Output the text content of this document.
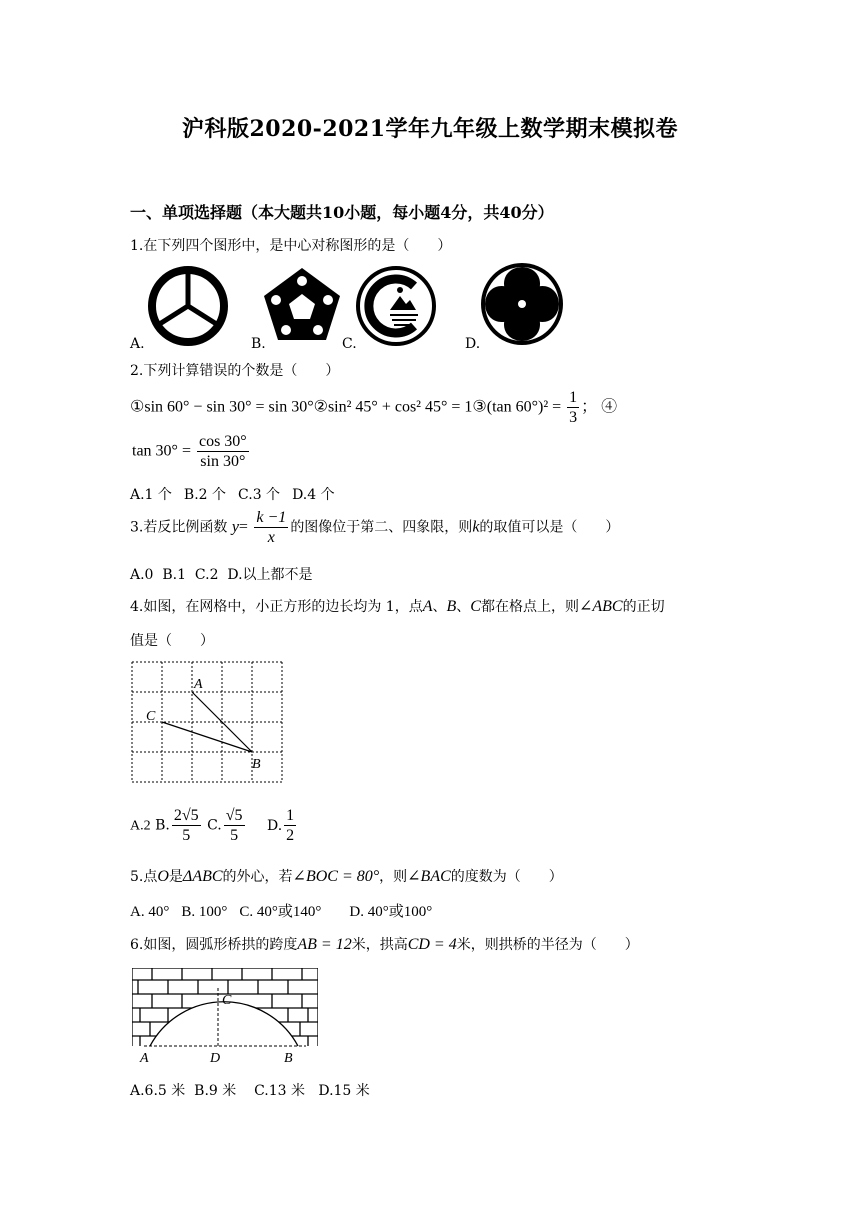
沪科版2020-2021学年九年级上数学期末模拟卷
一、单项选择题（本大题共10小题，每小题4分，共40分）
1.在下列四个图形中，是中心对称图形的是（　　）
A.	B.	C.	D.
2.下列计算错误的个数是（　　）
①sin 60° − sin 30° = sin 30°②sin² 45° + cos² 45° = 1③(tan $60^\circ)^2 = \frac{1}{3}$ ； ④
$\tan 30^\circ = \frac{\cos 30^\circ}{\sin 30^\circ}$
A.1 个 B.2 个 C.3 个 D.4 个
3.若反比例函数 $y= \frac{k -1}{x}$ 的图像位于第二、四象限，则k的取值可以是（　　）
A.0  B.1  C.2  D.以上都不是
4.如图，在网格中，小正方形的边长均为 1，点A、B、C都在格点上，则∠ABC的正切
值是（　　）
A
C
B
A.2 B. $\frac{2√5}{5} C$. $\frac{√5}{5} D$. $\frac{1}{2}$
5.点O是ΔABC的外心，若∠BOC = 80°，则∠BAC的度数为（　　）
A. 40° B. 100° C. 40°或140° D. 40°或100°
6.如图，圆弧形桥拱的跨度AB = 12米，拱高CD = 4米，则拱桥的半径为（　　）
A	D	B
C
A.6.5 米  B.9 米    C.13 米   D.15 米
